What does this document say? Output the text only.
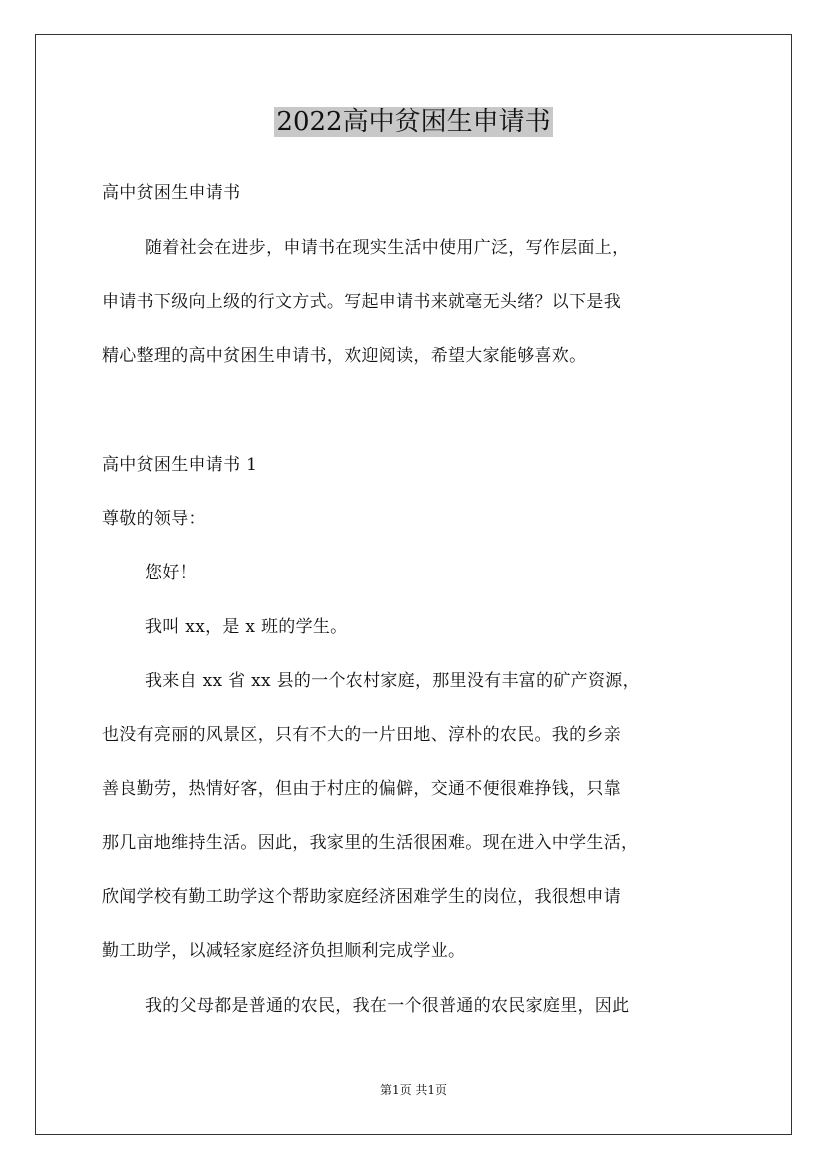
2022高中贫困生申请书
高中贫困生申请书
随着社会在进步，申请书在现实生活中使用广泛，写作层面上，
申请书下级向上级的行文方式。写起申请书来就毫无头绪？以下是我
精心整理的高中贫困生申请书，欢迎阅读，希望大家能够喜欢。
高中贫困生申请书 1
尊敬的领导：
您好！
我叫 xx，是 x 班的学生。
我来自 xx 省 xx 县的一个农村家庭，那里没有丰富的矿产资源，
也没有亮丽的风景区，只有不大的一片田地、淳朴的农民。我的乡亲
善良勤劳，热情好客，但由于村庄的偏僻，交通不便很难挣钱，只靠
那几亩地维持生活。因此，我家里的生活很困难。现在进入中学生活，
欣闻学校有勤工助学这个帮助家庭经济困难学生的岗位，我很想申请
勤工助学，以减轻家庭经济负担顺利完成学业。
我的父母都是普通的农民，我在一个很普通的农民家庭里，因此
第1页 共1页
